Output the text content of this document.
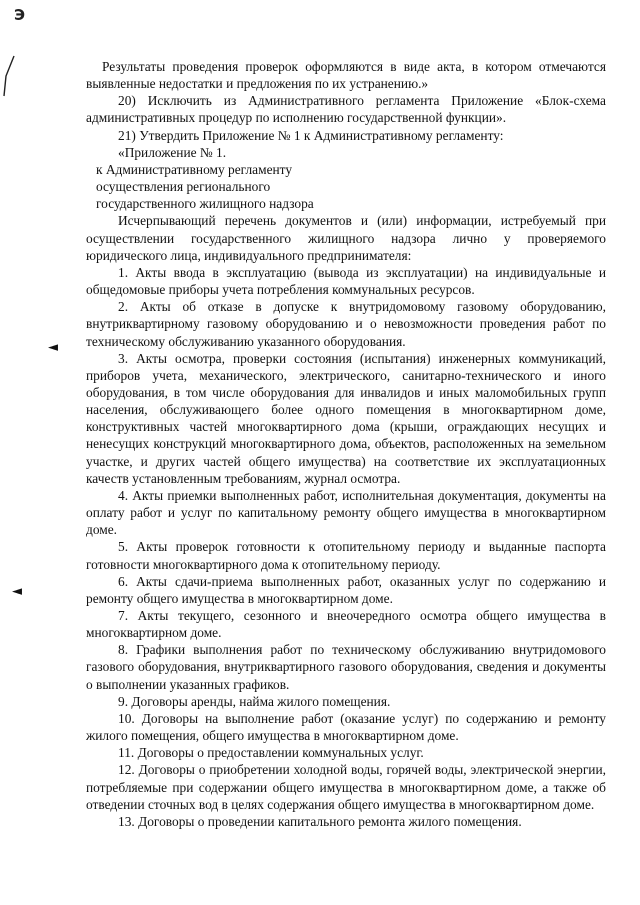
Э
◄
◄

Результаты проведения проверок оформляются в виде акта, в котором отмечаются выявленные недостатки и предложения по их устранению.»

20) Исключить из Административного регламента Приложение «Блок-схема административных процедур по исполнению государственной функции».

21) Утвердить Приложение № 1 к Административному регламенту:

«Приложение № 1.

к Административному регламенту

осуществления регионального

государственного жилищного надзора

Исчерпывающий перечень документов и (или) информации, истребуемый при осуществлении государственного жилищного надзора лично у проверяемого юридического лица, индивидуального предпринимателя:

1. Акты ввода в эксплуатацию (вывода из эксплуатации) на индивидуальные и общедомовые приборы учета потребления коммунальных ресурсов.

2. Акты об отказе в допуске к внутридомовому газовому оборудованию, внутриквартирному газовому оборудованию и о невозможности проведения работ по техническому обслуживанию указанного оборудования.

3. Акты осмотра, проверки состояния (испытания) инженерных коммуникаций, приборов учета, механического, электрического, санитарно-технического и иного оборудования, в том числе оборудования для инвалидов и иных маломобильных групп населения, обслуживающего более одного помещения в многоквартирном доме, конструктивных частей многоквартирного дома (крыши, ограждающих несущих и ненесущих конструкций многоквартирного дома, объектов, расположенных на земельном участке, и других частей общего имущества) на соответствие их эксплуатационных качеств установленным требованиям, журнал осмотра.

4. Акты приемки выполненных работ, исполнительная документация, документы на оплату работ и услуг по капитальному ремонту общего имущества в многоквартирном доме.

5. Акты проверок готовности к отопительному периоду и выданные паспорта готовности многоквартирного дома к отопительному периоду.

6. Акты сдачи-приема выполненных работ, оказанных услуг по содержанию и ремонту общего имущества в многоквартирном доме.

7. Акты текущего, сезонного и внеочередного осмотра общего имущества в многоквартирном доме.

8. Графики выполнения работ по техническому обслуживанию внутридомового газового оборудования, внутриквартирного газового оборудования, сведения и документы о выполнении указанных графиков.

9. Договоры аренды, найма жилого помещения.

10. Договоры на выполнение работ (оказание услуг) по содержанию и ремонту жилого помещения, общего имущества в многоквартирном доме.

11. Договоры о предоставлении коммунальных услуг.

12. Договоры о приобретении холодной воды, горячей воды, электрической энергии, потребляемые при содержании общего имущества в многоквартирном доме, а также об отведении сточных вод в целях содержания общего имущества в многоквартирном доме.

13. Договоры о проведении капитального ремонта жилого помещения.
